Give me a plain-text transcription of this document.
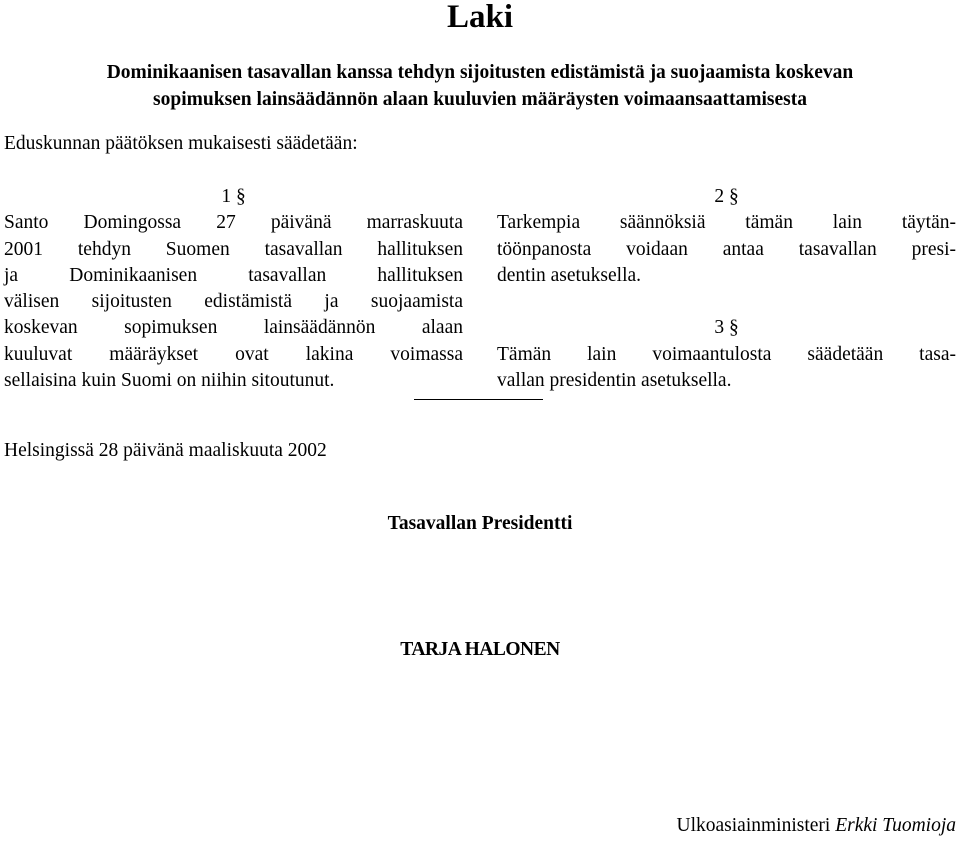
Laki
Dominikaanisen tasavallan kanssa tehdyn sijoitusten edistämistä ja suojaamista koskevan
sopimuksen lainsäädännön alaan kuuluvien määräysten voimaansaattamisesta

Eduskunnan päätöksen mukaisesti säädetään:

1 §
Santo Domingossa 27 päivänä marraskuuta
2001 tehdyn Suomen tasavallan hallituksen
ja Dominikaanisen tasavallan hallituksen
välisen sijoitusten edistämistä ja suojaamista
koskevan sopimuksen lainsäädännön alaan
kuuluvat määräykset ovat lakina voimassa
sellaisina kuin Suomi on niihin sitoutunut.
2 §
Tarkempia säännöksiä tämän lain täytän-
töönpanosta voidaan antaa tasavallan presi-
dentin asetuksella.
3 §
Tämän lain voimaantulosta säädetään tasa-
vallan presidentin asetuksella.

Helsingissä 28 päivänä maaliskuuta 2002

Tasavallan Presidentti

TARJA HALONEN

Ulkoasiainministeri Erkki Tuomioja
